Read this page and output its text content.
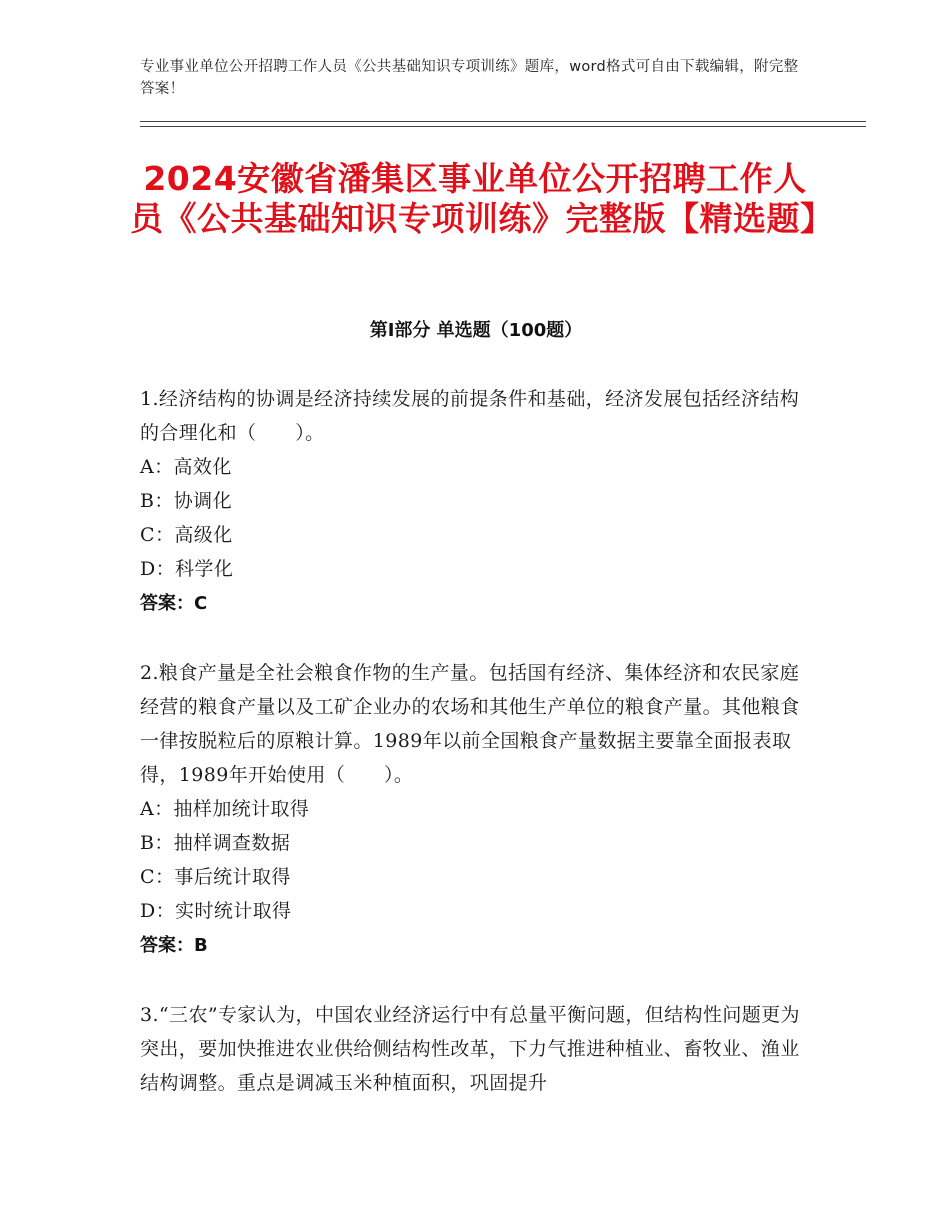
专业事业单位公开招聘工作人员《公共基础知识专项训练》题库，word格式可自由下载编辑，附完整答案！
2024安徽省潘集区事业单位公开招聘工作人员《公共基础知识专项训练》完整版【精选题】
第Ⅰ部分 单选题（100题）
1.经济结构的协调是经济持续发展的前提条件和基础，经济发展包括经济结构的合理化和（　　）。
A：高效化
B：协调化
C：高级化
D：科学化
答案：C
2.粮食产量是全社会粮食作物的生产量。包括国有经济、集体经济和农民家庭经营的粮食产量以及工矿企业办的农场和其他生产单位的粮食产量。其他粮食一律按脱粒后的原粮计算。1989年以前全国粮食产量数据主要靠全面报表取得，1989年开始使用（　　）。
A：抽样加统计取得
B：抽样调查数据
C：事后统计取得
D：实时统计取得
答案：B
3.“三农”专家认为，中国农业经济运行中有总量平衡问题，但结构性问题更为突出，要加快推进农业供给侧结构性改革，下力气推进种植业、畜牧业、渔业结构调整。重点是调减玉米种植面积，巩固提升
